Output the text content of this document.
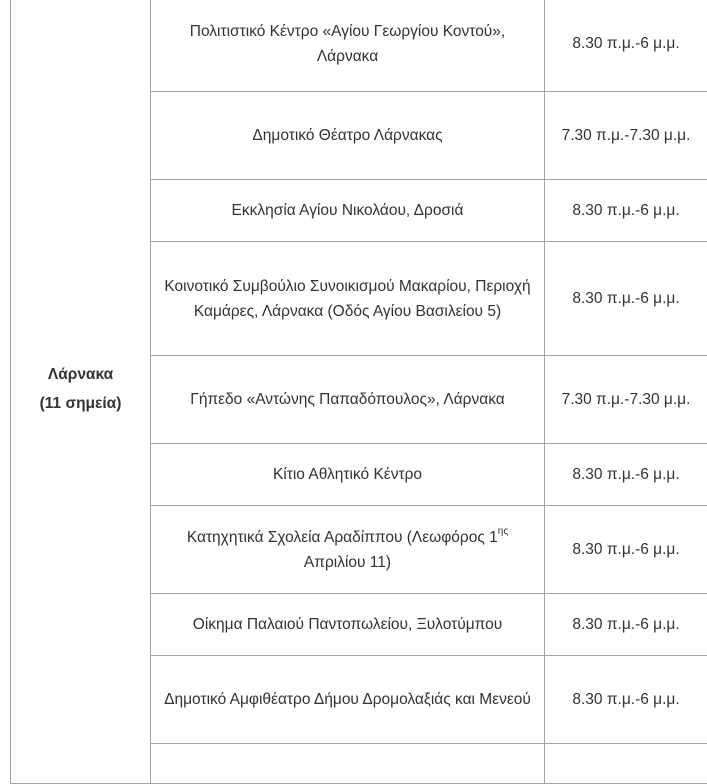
Λάρνακα
(11 σημεία)	Πολιτιστικό Κέντρο «Αγίου Γεωργίου Κοντού», Λάρνακα	8.30 π.μ.-6 μ.μ.
	Δημοτικό Θέατρο Λάρνακας	7.30 π.μ.-7.30 μ.μ.
	Εκκλησία Αγίου Νικολάου, Δροσιά	8.30 π.μ.-6 μ.μ.
	Κοινοτικό Συμβούλιο Συνοικισμού Μακαρίου, Περιοχή Καμάρες, Λάρνακα (Οδός Αγίου Βασιλείου 5)	8.30 π.μ.-6 μ.μ.
	Γήπεδο «Αντώνης Παπαδόπουλος», Λάρνακα	7.30 π.μ.-7.30 μ.μ.
	Κίτιο Αθλητικό Κέντρο	8.30 π.μ.-6 μ.μ.
	Κατηχητικά Σχολεία Αραδίππου (Λεωφόρος $1^{\eta\varsigma}$ Απριλίου 11)	8.30 π.μ.-6 μ.μ.
	Οίκημα Παλαιού Παντοπωλείου, Ξυλοτύμπου	8.30 π.μ.-6 μ.μ.
	Δημοτικό Αμφιθέατρο Δήμου Δρομολαξιάς και Μενεού	8.30 π.μ.-6 μ.μ.
